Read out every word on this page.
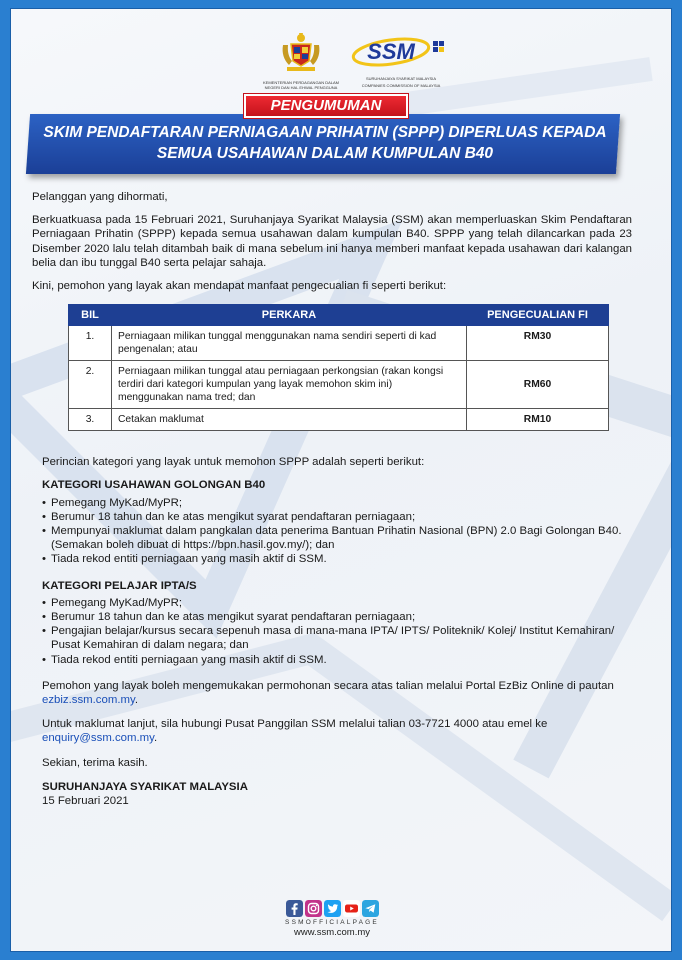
KEMENTERIAN PERDAGANGAN DALAM NEGERI DAN HAL EHWAL PENGGUNA
SSM
SURUHANJAYA SYARIKAT MALAYSIA
COMPANIES COMMISSION OF MALAYSIA
PENGUMUMAN
SKIM PENDAFTARAN PERNIAGAAN PRIHATIN (SPPP) DIPERLUAS KEPADA
SEMUA USAHAWAN DALAM KUMPULAN B40
Pelanggan yang dihormati,
Berkuatkuasa pada 15 Februari 2021, Suruhanjaya Syarikat Malaysia (SSM) akan memperluaskan Skim Pendaftaran Perniagaan Prihatin (SPPP) kepada semua usahawan dalam kumpulan B40. SPPP yang telah dilancarkan pada 23 Disember 2020 lalu telah ditambah baik di mana sebelum ini hanya memberi manfaat kepada usahawan dari kalangan belia dan ibu tunggal B40 serta pelajar sahaja.
Kini, pemohon yang layak akan mendapat manfaat pengecualian fi seperti berikut:
BIL	PERKARA	PENGECUALIAN FI
1.	Perniagaan milikan tunggal menggunakan nama sendiri seperti di kad pengenalan; atau	RM30
2.	Perniagaan milikan tunggal atau perniagaan perkongsian (rakan kongsi terdiri dari kategori kumpulan yang layak memohon skim ini) menggunakan nama tred; dan	RM60
3.	Cetakan maklumat	RM10
Perincian kategori yang layak untuk memohon SPPP adalah seperti berikut:
KATEGORI USAHAWAN GOLONGAN B40
• Pemegang MyKad/MyPR;
• Berumur 18 tahun dan ke atas mengikut syarat pendaftaran perniagaan;
• Mempunyai maklumat dalam pangkalan data penerima Bantuan Prihatin Nasional (BPN) 2.0 Bagi Golongan B40. (Semakan boleh dibuat di https://bpn.hasil.gov.my/); dan
• Tiada rekod entiti perniagaan yang masih aktif di SSM.
KATEGORI PELAJAR IPTA/S
• Pemegang MyKad/MyPR;
• Berumur 18 tahun dan ke atas mengikut syarat pendaftaran perniagaan;
• Pengajian belajar/kursus secara sepenuh masa di mana-mana IPTA/ IPTS/ Politeknik/ Kolej/ Institut Kemahiran/ Pusat Kemahiran di dalam negara; dan
• Tiada rekod entiti perniagaan yang masih aktif di SSM.
Pemohon yang layak boleh mengemukakan permohonan secara atas talian melalui Portal EzBiz Online di pautan ezbiz.ssm.com.my.
Untuk maklumat lanjut, sila hubungi Pusat Panggilan SSM melalui talian 03-7721 4000 atau emel ke enquiry@ssm.com.my.
Sekian, terima kasih.
SURUHANJAYA SYARIKAT MALAYSIA
15 Februari 2021
SSMOFFICIALPAGE
www.ssm.com.my
